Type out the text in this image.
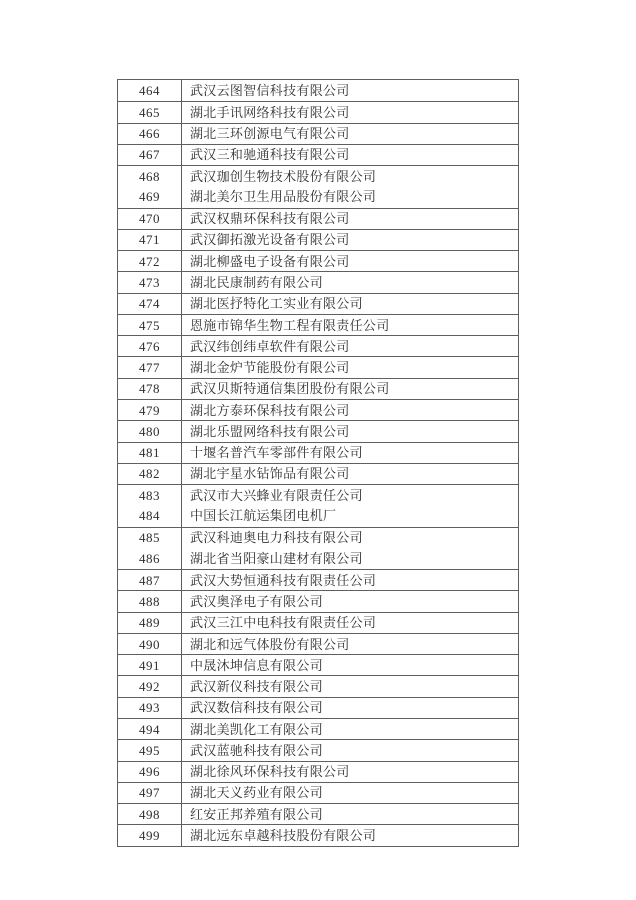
464	武汉云图智信科技有限公司
465	湖北手讯网络科技有限公司
466	湖北三环创源电气有限公司
467	武汉三和驰通科技有限公司
468	武汉珈创生物技术股份有限公司
469	湖北美尔卫生用品股份有限公司
470	武汉权鼎环保科技有限公司
471	武汉御拓激光设备有限公司
472	湖北柳盛电子设备有限公司
473	湖北民康制药有限公司
474	湖北医抒特化工实业有限公司
475	恩施市锦华生物工程有限责任公司
476	武汉纬创纬卓软件有限公司
477	湖北金炉节能股份有限公司
478	武汉贝斯特通信集团股份有限公司
479	湖北方泰环保科技有限公司
480	湖北乐盟网络科技有限公司
481	十堰名普汽车零部件有限公司
482	湖北宇星水钻饰品有限公司
483	武汉市大兴蜂业有限责任公司
484	中国长江航运集团电机厂
485	武汉科迪奥电力科技有限公司
486	湖北省当阳豪山建材有限公司
487	武汉大势恒通科技有限责任公司
488	武汉奥泽电子有限公司
489	武汉三江中电科技有限责任公司
490	湖北和远气体股份有限公司
491	中晟沐坤信息有限公司
492	武汉新仪科技有限公司
493	武汉数信科技有限公司
494	湖北美凯化工有限公司
495	武汉蓝驰科技有限公司
496	湖北徐风环保科技有限公司
497	湖北天义药业有限公司
498	红安正邦养殖有限公司
499	湖北远东卓越科技股份有限公司
